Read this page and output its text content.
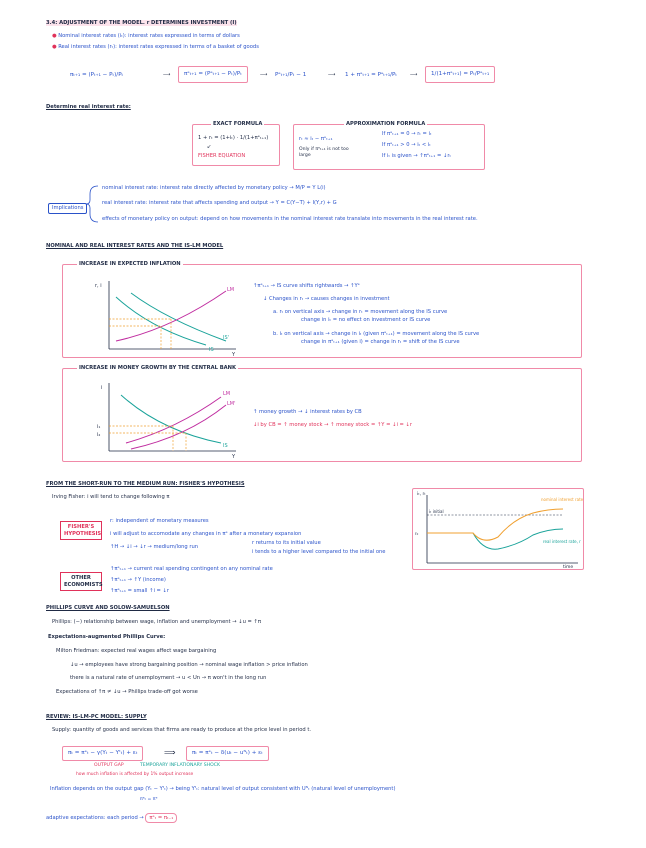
3.4: ADJUSTMENT OF THE MODEL. r DETERMINES INVESTMENT (I)
● Nominal interest rates (iₜ): interest rates expressed in terms of dollars
● Real interest rates (rₜ): interest rates expressed in terms of a basket of goods
πₜ₊₁ = (Pₜ₊₁ − Pₜ)/Pₜ	⟶	πᵉₜ₊₁ = (Pᵉₜ₊₁ − Pₜ)/Pₜ	⟶ Pᵉₜ₊₁/Pₜ − 1	⟶ 1 + πᵉₜ₊₁ = Pᵉₜ₊₁/Pₜ ⟶	1/(1+πᵉₜ₊₁) = Pₜ/Pᵉₜ₊₁
Determine real interest rate:
EXACT FORMULA
1 + rₜ = (1+iₜ) · 1/(1+πᵉₜ₊₁)
↙
FISHER EQUATION
APPROXIMATION FORMULA
rₜ ≈ iₜ − πᵉₜ₊₁
Only if πᵉₜ₊₁ is not too large
If πᵉₜ₊₁ = 0 → rₜ = iₜ
If πᵉₜ₊₁ > 0 → iₜ < iₜ
If iₜ is given → ↑πᵉₜ₊₁ = ↓rₜ
Implications
nominal interest rate: interest rate directly affected by monetary policy → M/P = Y L(i)
real interest rate: interest rate that affects spending and output → Y = C(Y−T) + I(Y,r) + G
effects of monetary policy on output: depend on how movements in the nominal interest rate translate into movements in the real interest rate.
NOMINAL AND REAL INTEREST RATES AND THE IS-LM MODEL
INCREASE IN EXPECTED INFLATION
r, i
IS
IS'
LM
Y
↑πᵉₜ₊₁ → IS curve shifts rightwards → ↑Yᵉ
↓ Changes in rₜ → causes changes in investment
a. rₜ on vertical axis → change in rₜ = movement along the IS curve
change in iₜ = no effect on investment or IS curve
b. iₜ on vertical axis → change in iₜ (given πᵉₜ₊₁) = movement along the IS curve
change in πᵉₜ₊₁ (given i) = change in rₜ = shift of the IS curve
INCREASE IN MONEY GROWTH BY THE CENTRAL BANK
i
LM
LM'
IS
i₁
i₂
Y
↑ money growth → ↓ interest rates by CB
↓i by CB = ↑ money stock → ↑ money stock = ↑Y = ↓i = ↓r
FROM THE SHORT-RUN TO THE MEDIUM RUN: FISHER'S HYPOTHESIS
Irving Fisher: i will tend to change following π
FISHER'S HYPOTHESIS
r: independent of monetary measures
i will adjust to accomodate any changes in πᵉ after a monetary expansion
↑H → ↓i → ↓r → medium/long run
r returns to its initial value
i tends to a higher level compared to the initial one
OTHER ECONOMISTS
↑πᵉₜ₊₁ → current real spending contingent on any nominal rate
↑πᵉₜ₊₁ → ↑Y (income)
↑πᵉₜ₊₁ = small ↑i = ↓r
iₜ, rₜ
nominal interest rate, i
real interest rate, r
time
iₜ initial
r₀
PHILLIPS CURVE AND SOLOW-SAMUELSON
Phillips: (−) relationship between wage, inflation and unemployment → ↓u = ↑π
Expectations-augmented Phillips Curve:
Milton Friedman: expected real wages affect wage bargaining
↓u → employees have strong bargaining position → nominal wage inflation > price inflation
there is a natural rate of unemployment → u < Un → π won't in the long run
Expectations of ↑π ≠ ↓u → Phillips trade-off got worse
REVIEW: IS-LM-PC MODEL: SUPPLY
Supply: quantity of goods and services that firms are ready to produce at the price level in period t.
πₜ = πᵉₜ − γ(Yₜ − Yᵗₜ) + εₜ	⟹	πₜ = πᵉₜ − δ(uₜ − uᴺₜ) + εₜ
OUTPUT GAP	TEMPORARY INFLATIONARY SHOCK
how much inflation is affected by 1% output increase
Inflation depends on the output gap (Yₜ − Yᵗₜ) → being Yᵗₜ: natural level of output consistent with Uᴺₜ (natural level of unemployment)
πᵉₜ = πᵉ
adaptive expectations: each period → πᵉₜ = πₜ₋₁
